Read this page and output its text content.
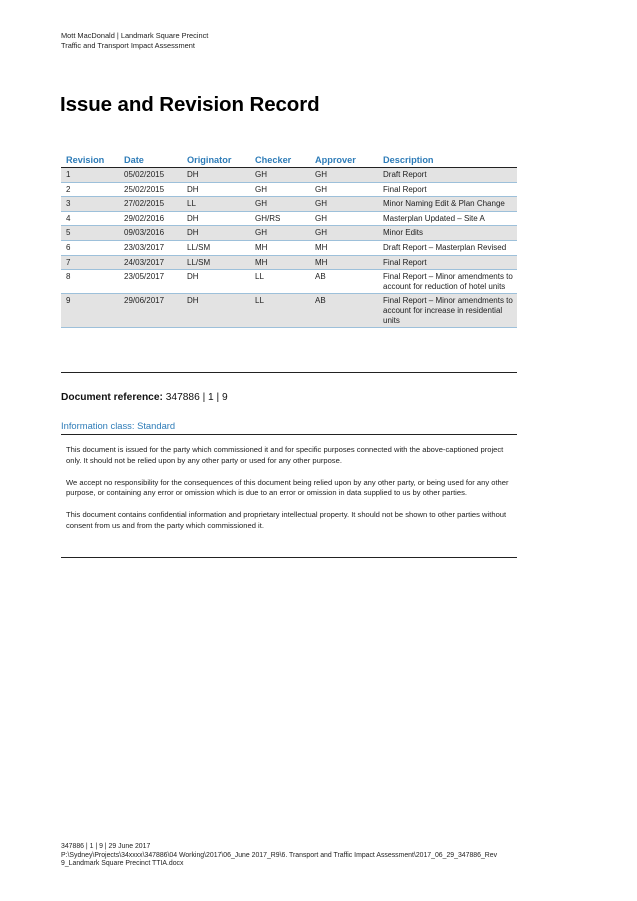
Mott MacDonald | Landmark Square Precinct
Traffic and Transport Impact Assessment
Issue and Revision Record
Revision	Date	Originator	Checker	Approver	Description
1	05/02/2015	DH	GH	GH	Draft Report
2	25/02/2015	DH	GH	GH	Final Report
3	27/02/2015	LL	GH	GH	Minor Naming Edit & Plan Change
4	29/02/2016	DH	GH/RS	GH	Masterplan Updated – Site A
5	09/03/2016	DH	GH	GH	Minor Edits
6	23/03/2017	LL/SM	MH	MH	Draft Report – Masterplan Revised
7	24/03/2017	LL/SM	MH	MH	Final Report
8	23/05/2017	DH	LL	AB	Final Report – Minor amendments to account for reduction of hotel units
9	29/06/2017	DH	LL	AB	Final Report – Minor amendments to account for increase in residential units
Document reference: 347886 | 1 | 9
Information class: Standard

This document is issued for the party which commissioned it and for specific purposes connected with the above-captioned project only. It should not be relied upon by any other party or used for any other purpose.

We accept no responsibility for the consequences of this document being relied upon by any other party, or being used for any other purpose, or containing any error or omission which is due to an error or omission in data supplied to us by other parties.

This document contains confidential information and proprietary intellectual property. It should not be shown to other parties without consent from us and from the party which commissioned it.

347886 | 1 | 9 | 29 June 2017
P:\Sydney\Projects\34xxxx\347886\04 Working\2017\06_June 2017_R9\6. Transport and Traffic Impact Assessment\2017_06_29_347886_Rev
9_Landmark Square Precinct TTIA.docx
